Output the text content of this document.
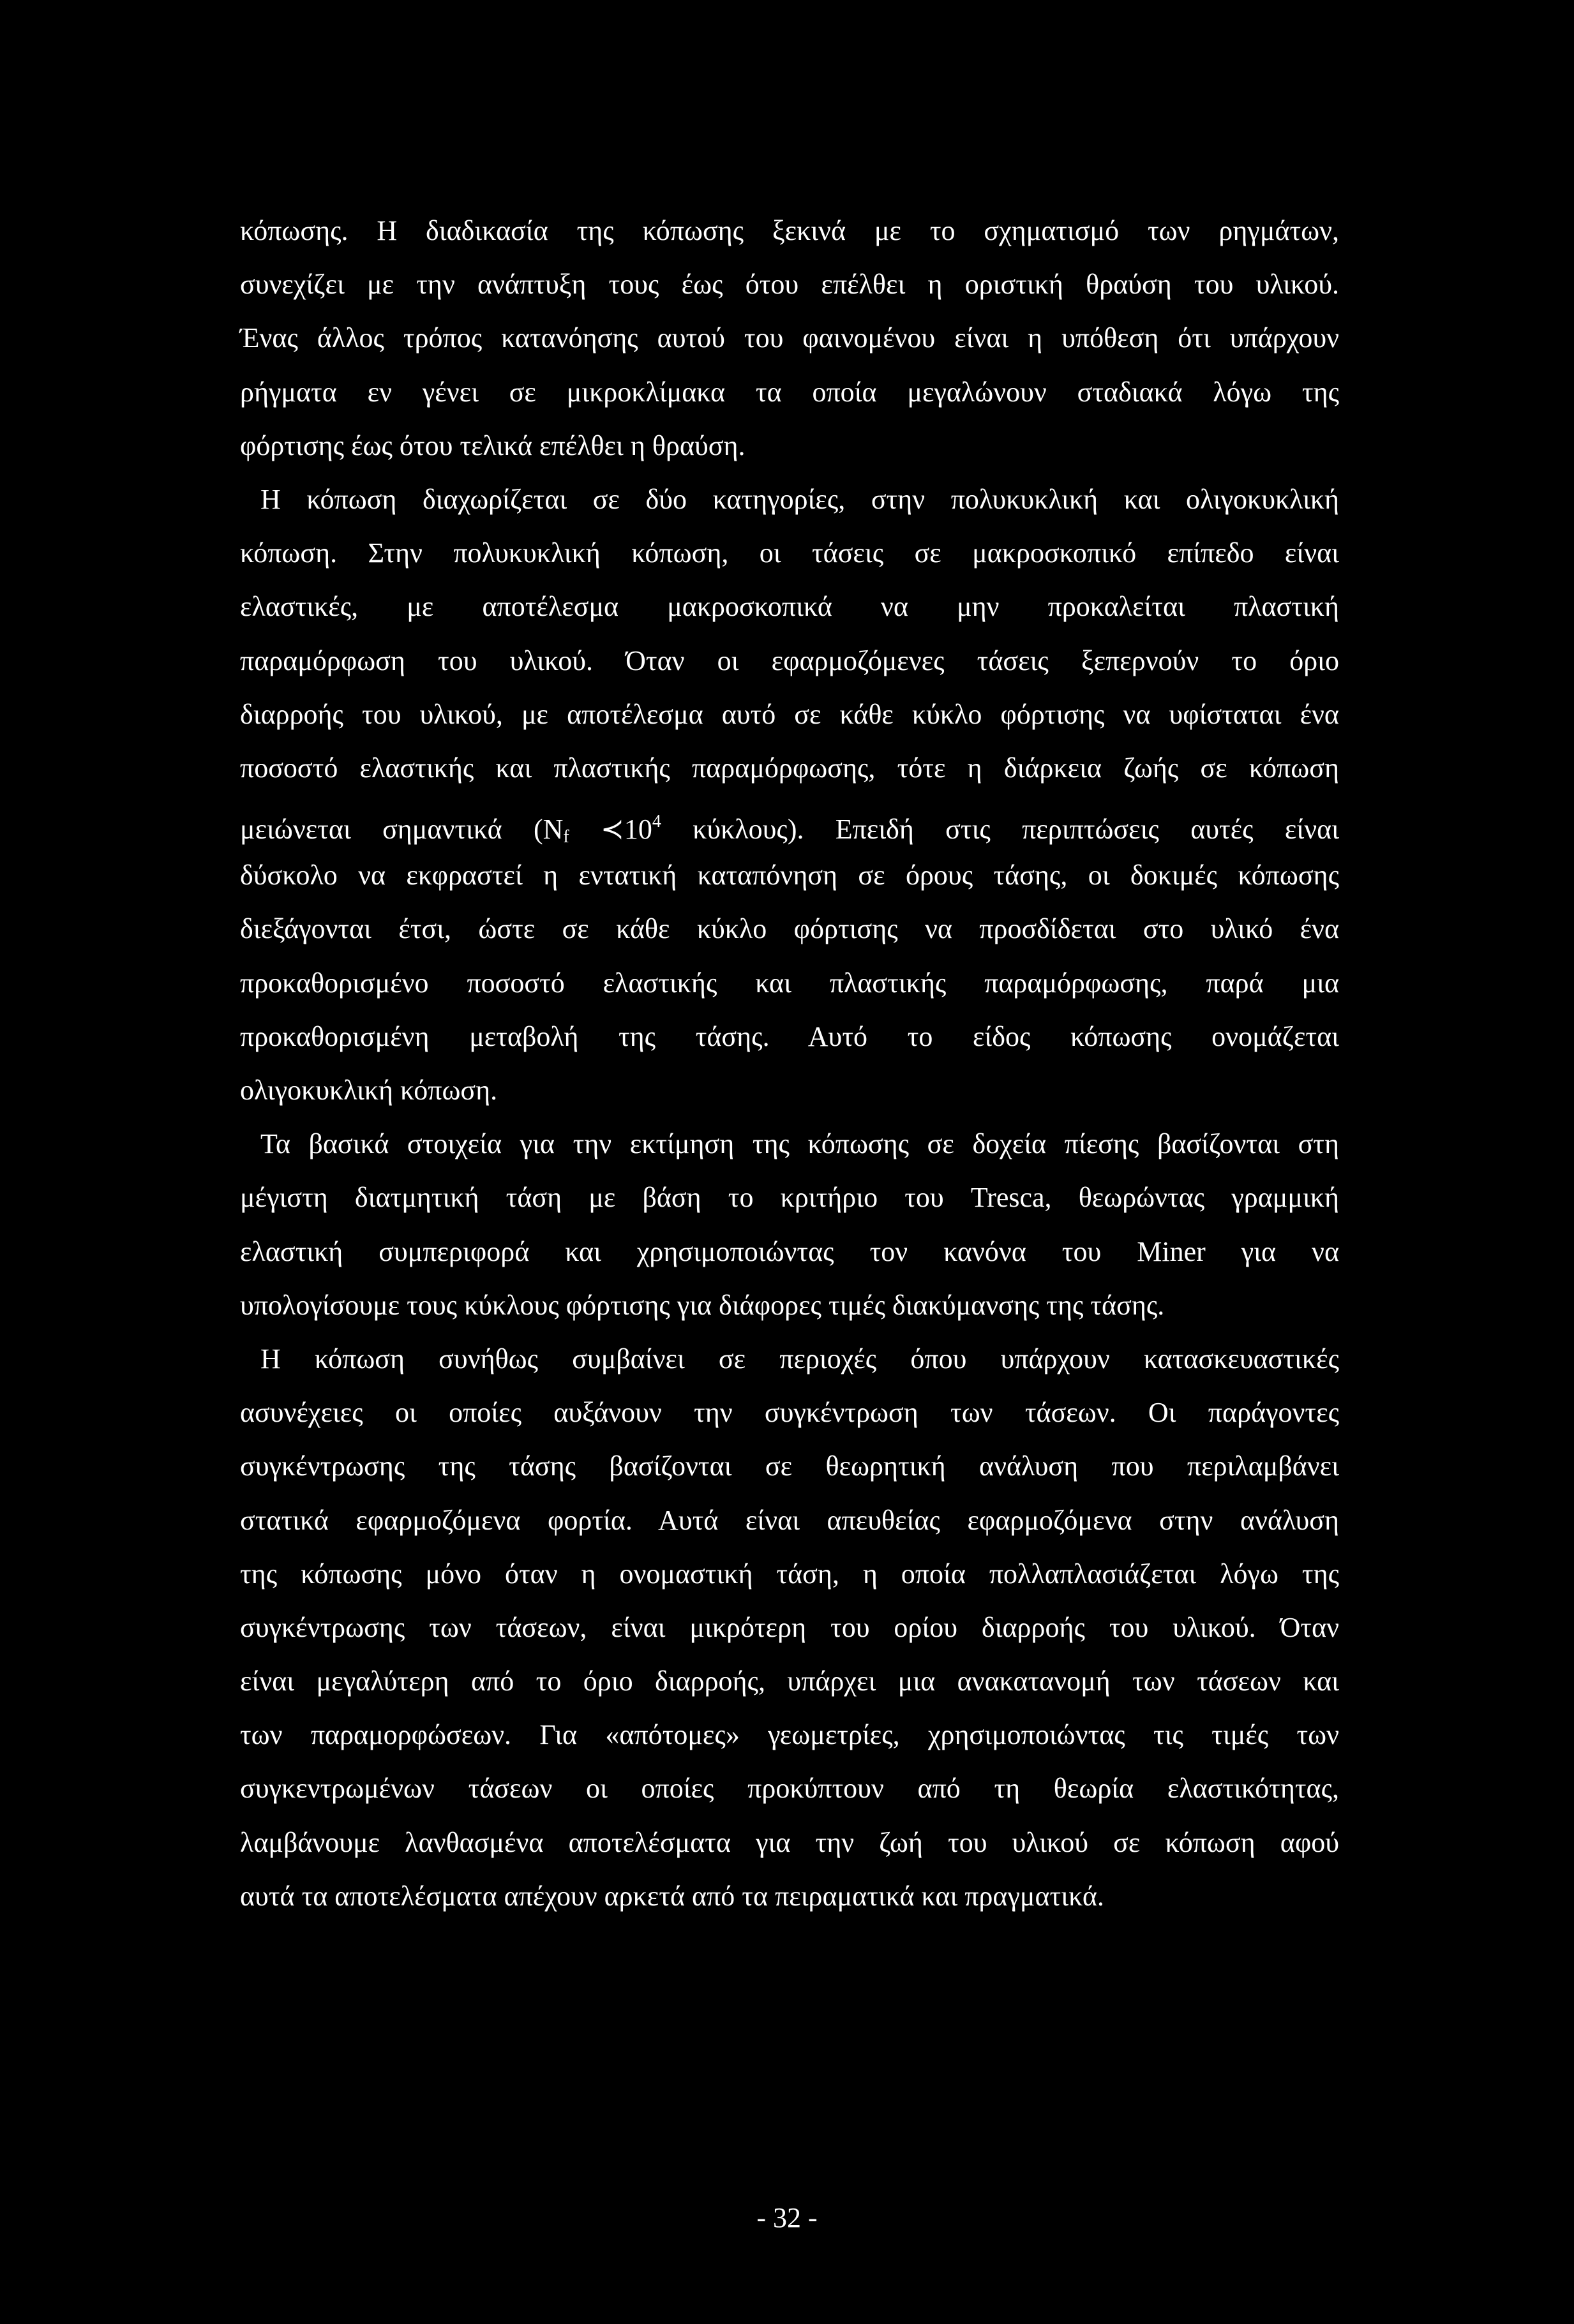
κόπωσης. Η διαδικασία της κόπωσης ξεκινά με το σχηματισμό των ρηγμάτων,
συνεχίζει με την ανάπτυξη τους έως ότου επέλθει η οριστική θραύση του υλικού.
Ένας άλλος τρόπος κατανόησης αυτού του φαινομένου είναι η υπόθεση ότι υπάρχουν
ρήγματα εν γένει σε μικροκλίμακα τα οποία μεγαλώνουν σταδιακά λόγω της
φόρτισης έως ότου τελικά επέλθει η θραύση.
Η κόπωση διαχωρίζεται σε δύο κατηγορίες, στην πολυκυκλική και ολιγοκυκλική
κόπωση. Στην πολυκυκλική κόπωση, οι τάσεις σε μακροσκοπικό επίπεδο είναι
ελαστικές, με αποτέλεσμα μακροσκοπικά να μην προκαλείται πλαστική
παραμόρφωση του υλικού. Όταν οι εφαρμοζόμενες τάσεις ξεπερνούν το όριο
διαρροής του υλικού, με αποτέλεσμα αυτό σε κάθε κύκλο φόρτισης να υφίσταται ένα
ποσοστό ελαστικής και πλαστικής παραμόρφωσης, τότε η διάρκεια ζωής σε κόπωση
μειώνεται σημαντικά ($N_f$ $≺10^4$ κύκλους). Επειδή στις περιπτώσεις αυτές είναι
δύσκολο να εκφραστεί η εντατική καταπόνηση σε όρους τάσης, οι δοκιμές κόπωσης
διεξάγονται έτσι, ώστε σε κάθε κύκλο φόρτισης να προσδίδεται στο υλικό ένα
προκαθορισμένο ποσοστό ελαστικής και πλαστικής παραμόρφωσης, παρά μια
προκαθορισμένη μεταβολή της τάσης. Αυτό το είδος κόπωσης ονομάζεται
ολιγοκυκλική κόπωση.
Τα βασικά στοιχεία για την εκτίμηση της κόπωσης σε δοχεία πίεσης βασίζονται στη
μέγιστη διατμητική τάση με βάση το κριτήριο του Tresca, θεωρώντας γραμμική
ελαστική συμπεριφορά και χρησιμοποιώντας τον κανόνα του Miner για να
υπολογίσουμε τους κύκλους φόρτισης για διάφορες τιμές διακύμανσης της τάσης.
Η κόπωση συνήθως συμβαίνει σε περιοχές όπου υπάρχουν κατασκευαστικές
ασυνέχειες οι οποίες αυξάνουν την συγκέντρωση των τάσεων. Οι παράγοντες
συγκέντρωσης της τάσης βασίζονται σε θεωρητική ανάλυση που περιλαμβάνει
στατικά εφαρμοζόμενα φορτία. Αυτά είναι απευθείας εφαρμοζόμενα στην ανάλυση
της κόπωσης μόνο όταν η ονομαστική τάση, η οποία πολλαπλασιάζεται λόγω της
συγκέντρωσης των τάσεων, είναι μικρότερη του ορίου διαρροής του υλικού. Όταν
είναι μεγαλύτερη από το όριο διαρροής, υπάρχει μια ανακατανομή των τάσεων και
των παραμορφώσεων. Για «απότομες» γεωμετρίες, χρησιμοποιώντας τις τιμές των
συγκεντρωμένων τάσεων οι οποίες προκύπτουν από τη θεωρία ελαστικότητας,
λαμβάνουμε λανθασμένα αποτελέσματα για την ζωή του υλικού σε κόπωση αφού
αυτά τα αποτελέσματα απέχουν αρκετά από τα πειραματικά και πραγματικά.
- 32 -
